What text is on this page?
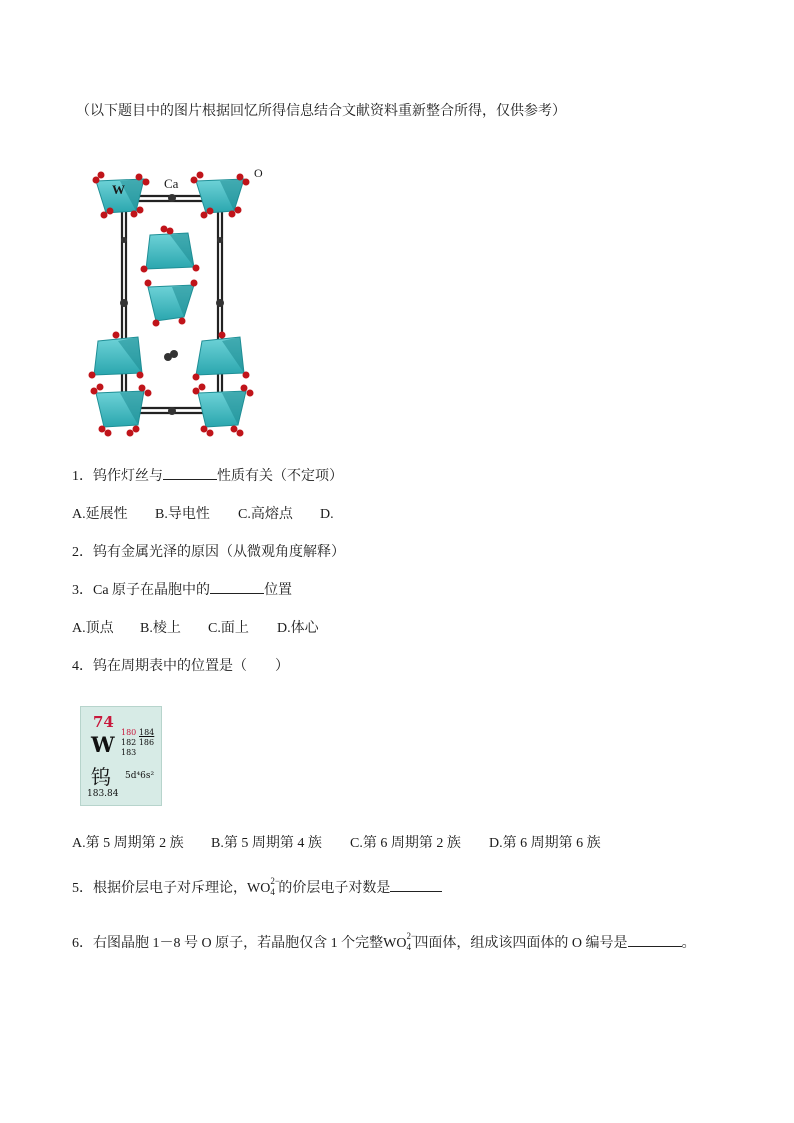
（以下题目中的图片根据回忆所得信息结合文献资料重新整合所得，仅供参考）
W	Ca
O
1．钨作灯丝与	性质有关（不定项）
A.延展性 B.导电性 C.高熔点 D.
2．钨有金属光泽的原因（从微观角度解释）
3．Ca 原子在晶胞中的	位置
A.顶点 B.棱上 C.面上 D.体心
4．钨在周期表中的位置是（　　）
74
W 180 184
182 186
183
钨 5d⁴6s²
183.84
A.第 5 周期第 2 族 B.第 5 周期第 4 族 C.第 6 周期第 2 族 D.第 6 周期第 6 族
5．根据价层电子对斥理论，WO
2−
4 的价层电子对数是
6．右图晶胞 1－8 号 O 原子，若晶胞仅含 1 个完整WO
2−
4 四面体，组成该四面体的 O 编号是	。
